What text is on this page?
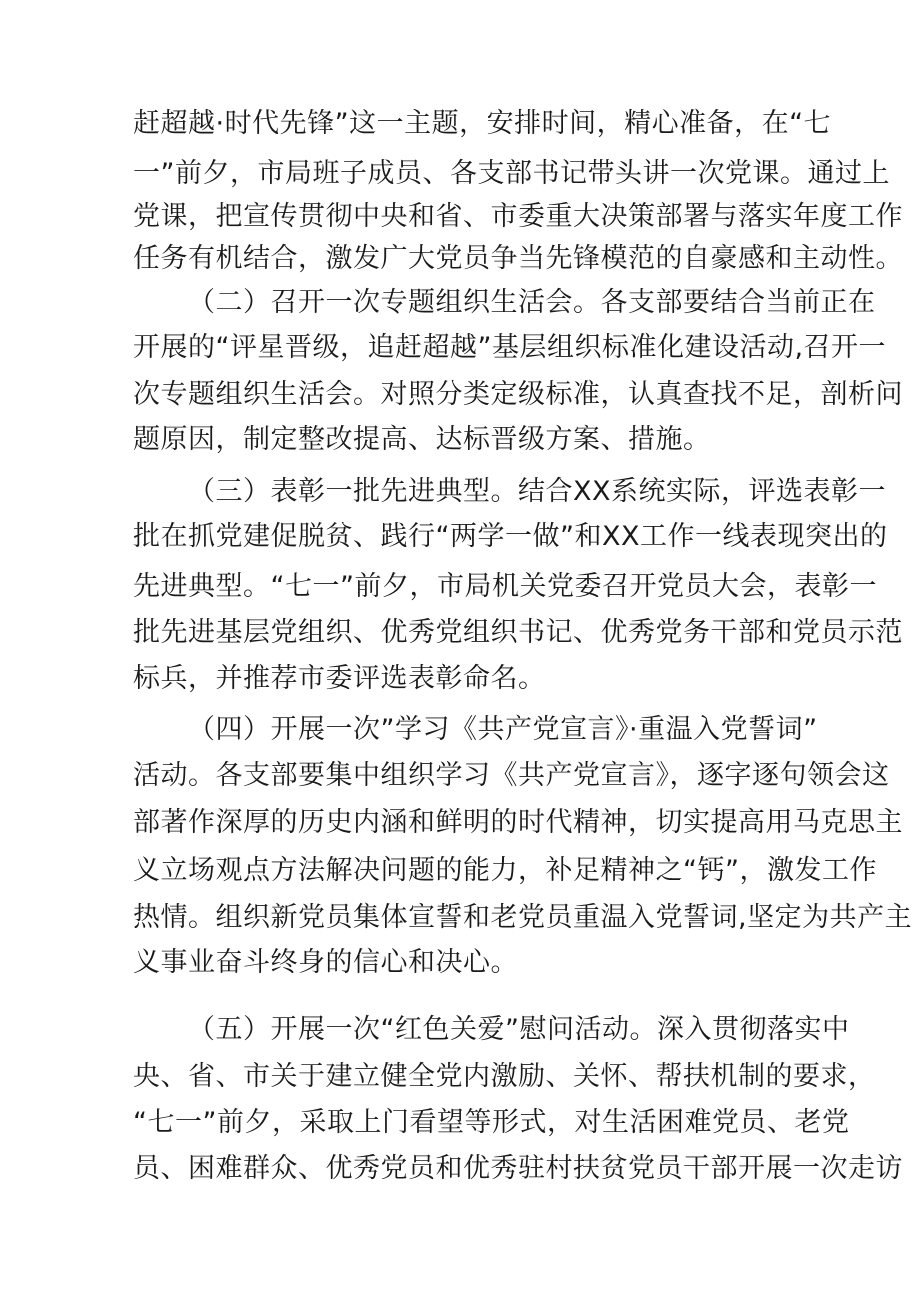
赶超越·时代先锋”这一主题，安排时间，精心准备，在“七
一”前夕，市局班子成员、各支部书记带头讲一次党课。通过上
党课，把宣传贯彻中央和省、市委重大决策部署与落实年度工作
任务有机结合，激发广大党员争当先锋模范的自豪感和主动性。
（二）召开一次专题组织生活会。各支部要结合当前正在
开展的“评星晋级，追赶超越”基层组织标准化建设活动,召开一
次专题组织生活会。对照分类定级标准，认真查找不足，剖析问
题原因，制定整改提高、达标晋级方案、措施。
（三）表彰一批先进典型。结合XX系统实际，评选表彰一
批在抓党建促脱贫、践行“两学一做”和XX工作一线表现突出的
先进典型。“七一”前夕，市局机关党委召开党员大会，表彰一
批先进基层党组织、优秀党组织书记、优秀党务干部和党员示范
标兵，并推荐市委评选表彰命名。
（四）开展一次”学习《共产党宣言》·重温入党誓词”
活动。各支部要集中组织学习《共产党宣言》，逐字逐句领会这
部著作深厚的历史内涵和鲜明的时代精神，切实提高用马克思主
义立场观点方法解决问题的能力，补足精神之“钙”，激发工作
热情。组织新党员集体宣誓和老党员重温入党誓词,坚定为共产主
义事业奋斗终身的信心和决心。
（五）开展一次“红色关爱”慰问活动。深入贯彻落实中
央、省、市关于建立健全党内激励、关怀、帮扶机制的要求，
“七一”前夕，采取上门看望等形式，对生活困难党员、老党
员、困难群众、优秀党员和优秀驻村扶贫党员干部开展一次走访
